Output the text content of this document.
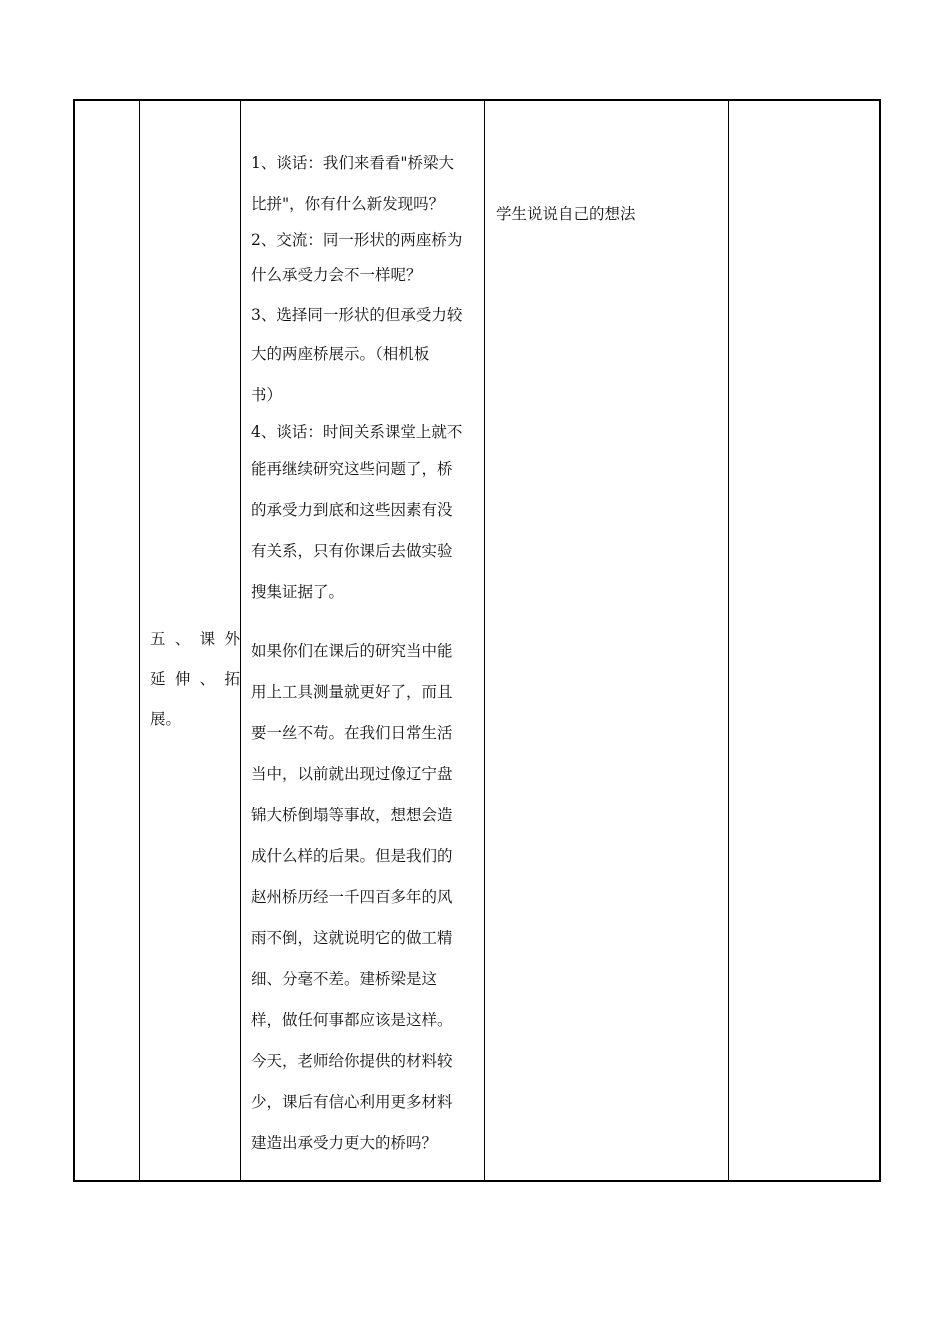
五 、 课 外
延 伸 、 拓
展。

1、谈话：我们来看看"桥梁大

比拼"，你有什么新发现吗？

2、交流：同一形状的两座桥为

什么承受力会不一样呢？

3、选择同一形状的但承受力较

大的两座桥展示。（相机板

书）

4、谈话：时间关系课堂上就不

能再继续研究这些问题了，桥

的承受力到底和这些因素有没

有关系，只有你课后去做实验

搜集证据了。

如果你们在课后的研究当中能

用上工具测量就更好了，而且

要一丝不苟。在我们日常生活

当中，以前就出现过像辽宁盘

锦大桥倒塌等事故，想想会造

成什么样的后果。但是我们的

赵州桥历经一千四百多年的风

雨不倒，这就说明它的做工精

细、分毫不差。建桥梁是这

样，做任何事都应该是这样。

今天，老师给你提供的材料较

少，课后有信心利用更多材料

建造出承受力更大的桥吗？

学生说说自己的想法
